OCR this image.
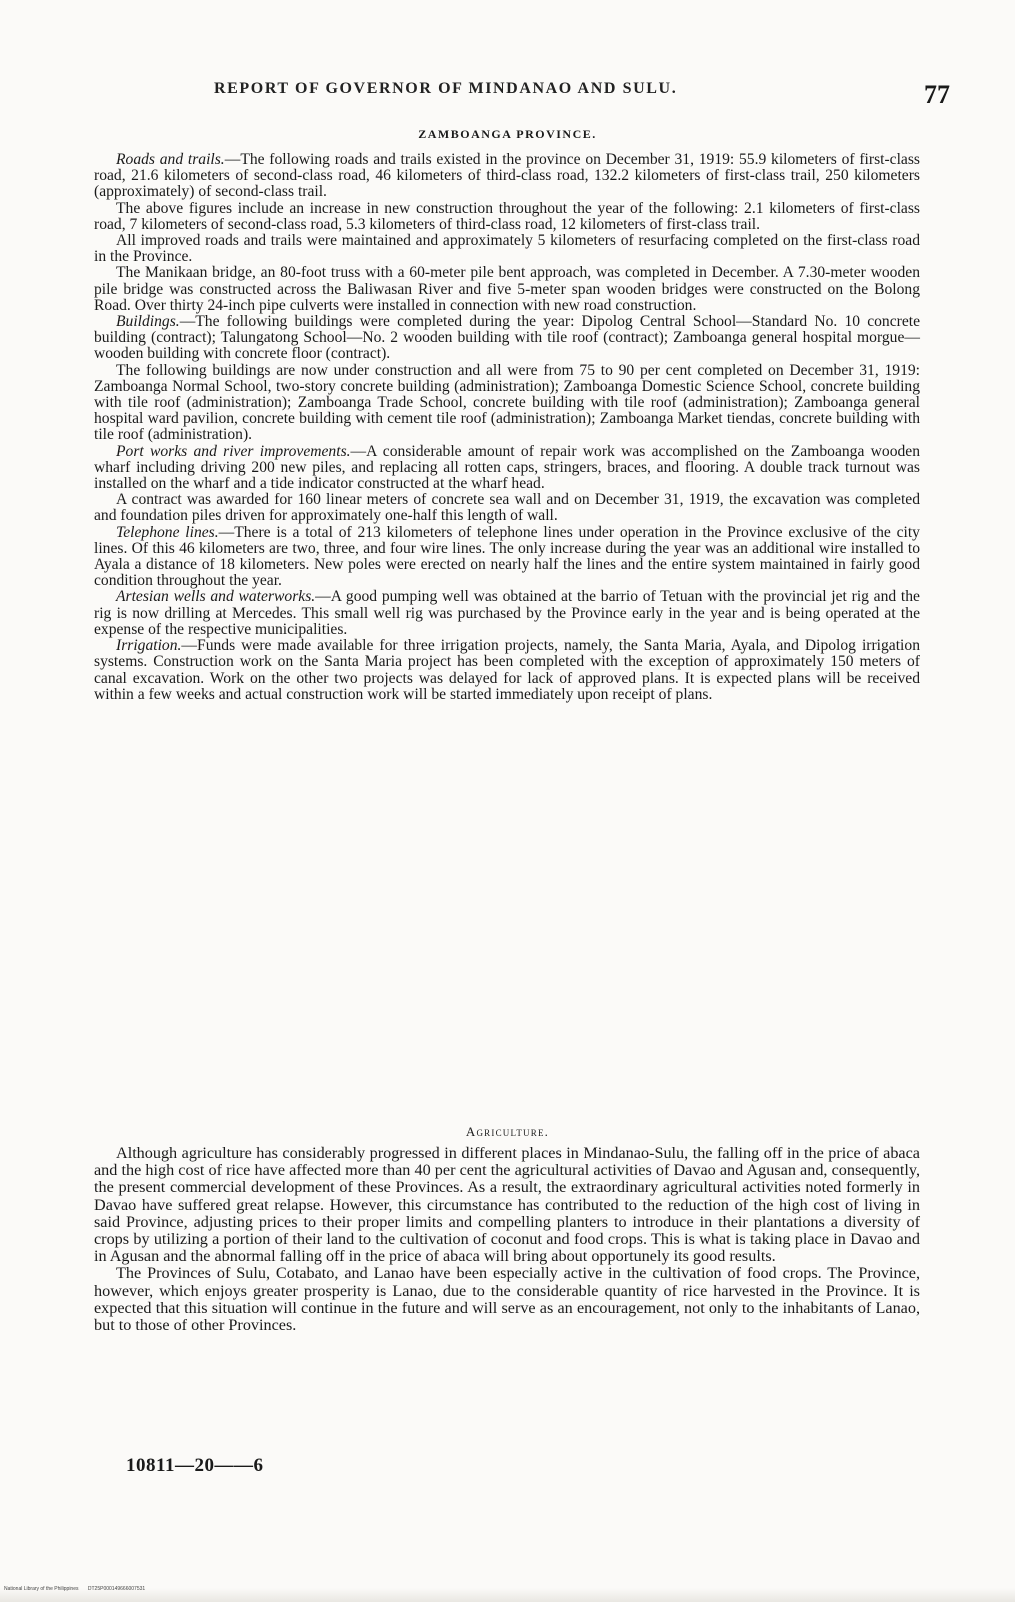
REPORT OF GOVERNOR OF MINDANAO AND SULU.	77
ZAMBOANGA PROVINCE.

Roads and trails.—The following roads and trails existed in the province on December 31, 1919: 55.9 kilometers of first-class road, 21.6 kilometers of second-class road, 46 kilometers of third-class road, 132.2 kilometers of first-class trail, 250 kilometers (approximately) of second-class trail.

The above figures include an increase in new construction throughout the year of the following: 2.1 kilometers of first-class road, 7 kilometers of second-class road, 5.3 kilometers of third-class road, 12 kilometers of first-class trail.

All improved roads and trails were maintained and approximately 5 kilometers of resurfacing completed on the first-class road in the Province.

The Manikaan bridge, an 80-foot truss with a 60-meter pile bent approach, was completed in December. A 7.30-meter wooden pile bridge was constructed across the Baliwasan River and five 5-meter span wooden bridges were constructed on the Bolong Road. Over thirty 24-inch pipe culverts were installed in connection with new road construction.

Buildings.—The following buildings were completed during the year: Dipolog Central School—Standard No. 10 concrete building (contract); Talungatong School—No. 2 wooden building with tile roof (contract); Zamboanga general hospital morgue—wooden building with concrete floor (contract).

The following buildings are now under construction and all were from 75 to 90 per cent completed on December 31, 1919: Zamboanga Normal School, two-story concrete building (administration); Zamboanga Domestic Science School, concrete building with tile roof (administration); Zamboanga Trade School, concrete building with tile roof (administration); Zamboanga general hospital ward pavilion, concrete building with cement tile roof (administration); Zamboanga Market tiendas, concrete building with tile roof (administration).

Port works and river improvements.—A considerable amount of repair work was accomplished on the Zamboanga wooden wharf including driving 200 new piles, and replacing all rotten caps, stringers, braces, and flooring. A double track turnout was installed on the wharf and a tide indicator constructed at the wharf head.

A contract was awarded for 160 linear meters of concrete sea wall and on December 31, 1919, the excavation was completed and foundation piles driven for approximately one-half this length of wall.

Telephone lines.—There is a total of 213 kilometers of telephone lines under operation in the Province exclusive of the city lines. Of this 46 kilometers are two, three, and four wire lines. The only increase during the year was an additional wire installed to Ayala a distance of 18 kilometers. New poles were erected on nearly half the lines and the entire system maintained in fairly good condition throughout the year.

Artesian wells and waterworks.—A good pumping well was obtained at the barrio of Tetuan with the provincial jet rig and the rig is now drilling at Mercedes. This small well rig was purchased by the Province early in the year and is being operated at the expense of the respective municipalities.

Irrigation.—Funds were made available for three irrigation projects, namely, the Santa Maria, Ayala, and Dipolog irrigation systems. Construction work on the Santa Maria project has been completed with the exception of approximately 150 meters of canal excavation. Work on the other two projects was delayed for lack of approved plans. It is expected plans will be received within a few weeks and actual construction work will be started immediately upon receipt of plans.

Agriculture.

Although agriculture has considerably progressed in different places in Mindanao-Sulu, the falling off in the price of abaca and the high cost of rice have affected more than 40 per cent the agricultural activities of Davao and Agusan and, consequently, the present commercial development of these Provinces. As a result, the extraordinary agricultural activities noted formerly in Davao have suffered great relapse. However, this circumstance has contributed to the reduction of the high cost of living in said Province, adjusting prices to their proper limits and compelling planters to introduce in their plantations a diversity of crops by utilizing a portion of their land to the cultivation of coconut and food crops. This is what is taking place in Davao and in Agusan and the abnormal falling off in the price of abaca will bring about opportunely its good results.

The Provinces of Sulu, Cotabato, and Lanao have been especially active in the cultivation of food crops. The Province, however, which enjoys greater prosperity is Lanao, due to the considerable quantity of rice harvested in the Province. It is expected that this situation will continue in the future and will serve as an encouragement, not only to the inhabitants of Lanao, but to those of other Provinces.

10811—20——6
National Library of the Philippines DT25P000149666007531
